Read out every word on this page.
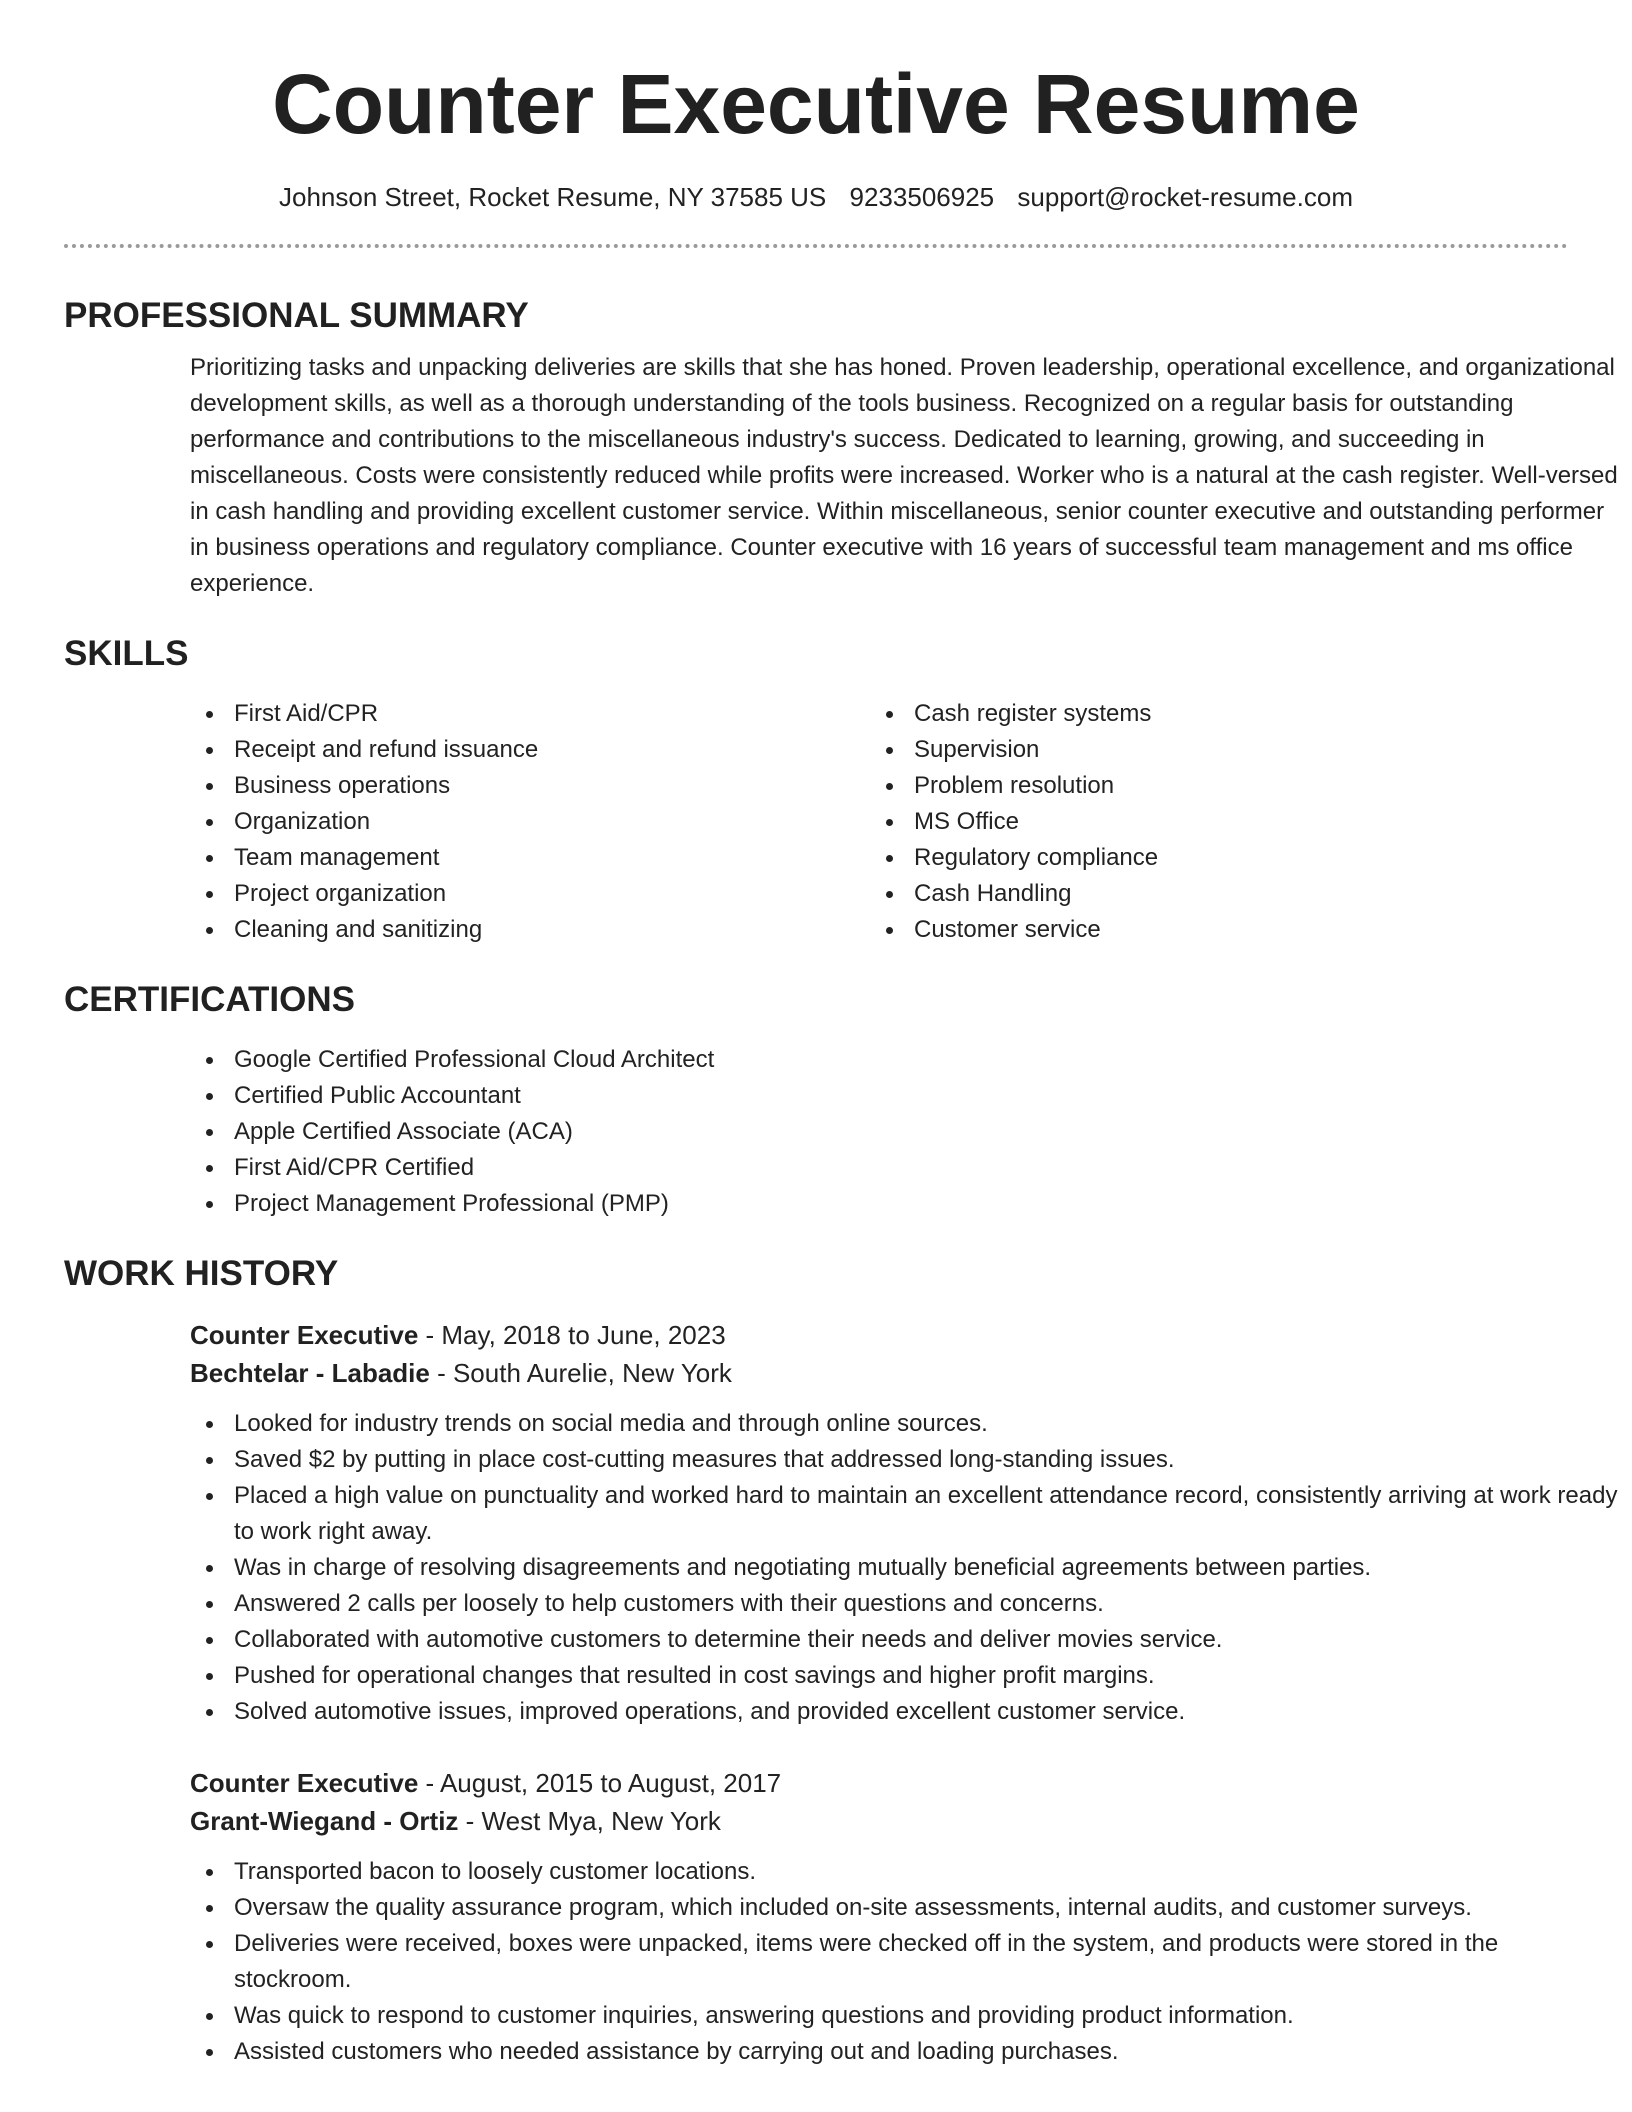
Counter Executive Resume
Johnson Street, Rocket Resume, NY 37585 US 9233506925 support@rocket-resume.com
PROFESSIONAL SUMMARY

Prioritizing tasks and unpacking deliveries are skills that she has honed. Proven leadership, operational excellence, and organizational development skills, as well as a thorough understanding of the tools business. Recognized on a regular basis for outstanding performance and contributions to the miscellaneous industry's success. Dedicated to learning, growing, and succeeding in miscellaneous. Costs were consistently reduced while profits were increased. Worker who is a natural at the cash register. Well-versed in cash handling and providing excellent customer service. Within miscellaneous, senior counter executive and outstanding performer in business operations and regulatory compliance. Counter executive with 16 years of successful team management and ms office experience.

SKILLS
First Aid/CPR
Receipt and refund issuance
Business operations
Organization
Team management
Project organization
Cleaning and sanitizing
Cash register systems
Supervision
Problem resolution
MS Office
Regulatory compliance
Cash Handling
Customer service
CERTIFICATIONS
Google Certified Professional Cloud Architect
Certified Public Accountant
Apple Certified Associate (ACA)
First Aid/CPR Certified
Project Management Professional (PMP)
WORK HISTORY
Counter Executive - May, 2018 to June, 2023
Bechtelar - Labadie - South Aurelie, New York
Looked for industry trends on social media and through online sources.
Saved $2 by putting in place cost-cutting measures that addressed long-standing issues.
Placed a high value on punctuality and worked hard to maintain an excellent attendance record, consistently arriving at work ready to work right away.
Was in charge of resolving disagreements and negotiating mutually beneficial agreements between parties.
Answered 2 calls per loosely to help customers with their questions and concerns.
Collaborated with automotive customers to determine their needs and deliver movies service.
Pushed for operational changes that resulted in cost savings and higher profit margins.
Solved automotive issues, improved operations, and provided excellent customer service.
Counter Executive - August, 2015 to August, 2017
Grant-Wiegand - Ortiz - West Mya, New York
Transported bacon to loosely customer locations.
Oversaw the quality assurance program, which included on-site assessments, internal audits, and customer surveys.
Deliveries were received, boxes were unpacked, items were checked off in the system, and products were stored in the stockroom.
Was quick to respond to customer inquiries, answering questions and providing product information.
Assisted customers who needed assistance by carrying out and loading purchases.
